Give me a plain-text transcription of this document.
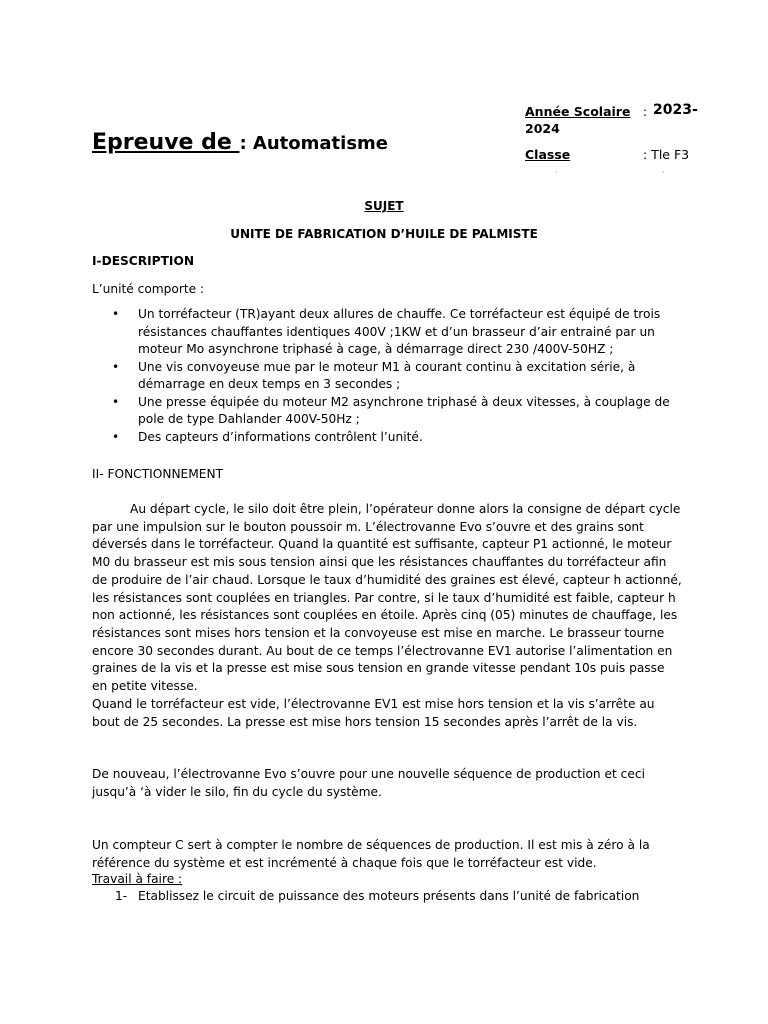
Epreuve de : Automatisme
Année Scolaire : 2023-
2024
Classe	: Tle F3
·	·
SUJET
UNITE DE FABRICATION D’HUILE DE PALMISTE
I-DESCRIPTION
L’unité comporte :
• Un torréfacteur (TR)ayant deux allures de chauffe. Ce torréfacteur est équipé de trois résistances chauffantes identiques 400V ;1KW et d’un brasseur d’air entrainé par un moteur Mo asynchrone triphasé à cage, à démarrage direct 230 /400V-50HZ ;
• Une vis convoyeuse mue par le moteur M1 à courant continu à excitation série, à démarrage en deux temps en 3 secondes ;
• Une presse équipée du moteur M2 asynchrone triphasé à deux vitesses, à couplage de pole de type Dahlander 400V-50Hz ;
• Des capteurs d’informations contrôlent l’unité.
II- FONCTIONNEMENT
Au départ cycle, le silo doit être plein, l’opérateur donne alors la consigne de départ cycle par une impulsion sur le bouton poussoir m. L’électrovanne Evo s’ouvre et des grains sont déversés dans le torréfacteur. Quand la quantité est suffisante, capteur P1 actionné, le moteur M0 du brasseur est mis sous tension ainsi que les résistances chauffantes du torréfacteur afin de produire de l’air chaud. Lorsque le taux d’humidité des graines est élevé, capteur h actionné, les résistances sont couplées en triangles. Par contre, si le taux d’humidité est faible, capteur h non actionné, les résistances sont couplées en étoile. Après cinq (05) minutes de chauffage, les résistances sont mises hors tension et la convoyeuse est mise en marche. Le brasseur tourne encore 30 secondes durant. Au bout de ce temps l’électrovanne EV1 autorise l’alimentation en graines de la vis et la presse est mise sous tension en grande vitesse pendant 10s puis passe en petite vitesse.
Quand le torréfacteur est vide, l’électrovanne EV1 est mise hors tension et la vis s’arrête au bout de 25 secondes. La presse est mise hors tension 15 secondes après l’arrêt de la vis.
De nouveau, l’électrovanne Evo s’ouvre pour une nouvelle séquence de production et ceci jusqu’à ‘à vider le silo, fin du cycle du système.
Un compteur C sert à compter le nombre de séquences de production. Il est mis à zéro à la référence du système et est incrémenté à chaque fois que le torréfacteur est vide.
Travail à faire :
1- Etablissez le circuit de puissance des moteurs présents dans l’unité de fabrication
